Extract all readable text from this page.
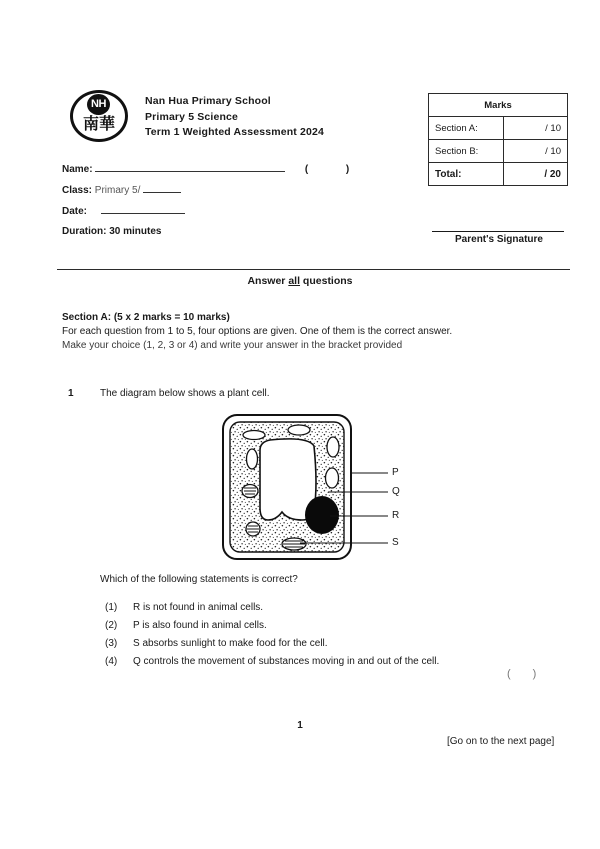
NH
南華
Nan Hua Primary School
Primary 5 Science
Term 1 Weighted Assessment 2024
Marks	
Section A:	/ 10
Section B:	/ 10
Total:	/ 20
Parent's Signature
Name:	(	)
Class: Primary 5/
Date:
Duration: 30 minutes
Answer all questions
Section A: (5 x 2 marks = 10 marks)
For each question from 1 to 5, four options are given. One of them is the correct answer.
Make your choice (1, 2, 3 or 4) and write your answer in the bracket provided
1	The diagram below shows a plant cell.
P
Q
R
S
Which of the following statements is correct?
(1) R is not found in animal cells.
(2) P is also found in animal cells.
(3) S absorbs sunlight to make food for the cell.
(4) Q controls the movement of substances moving in and out of the cell.
()
1
[Go on to the next page]
